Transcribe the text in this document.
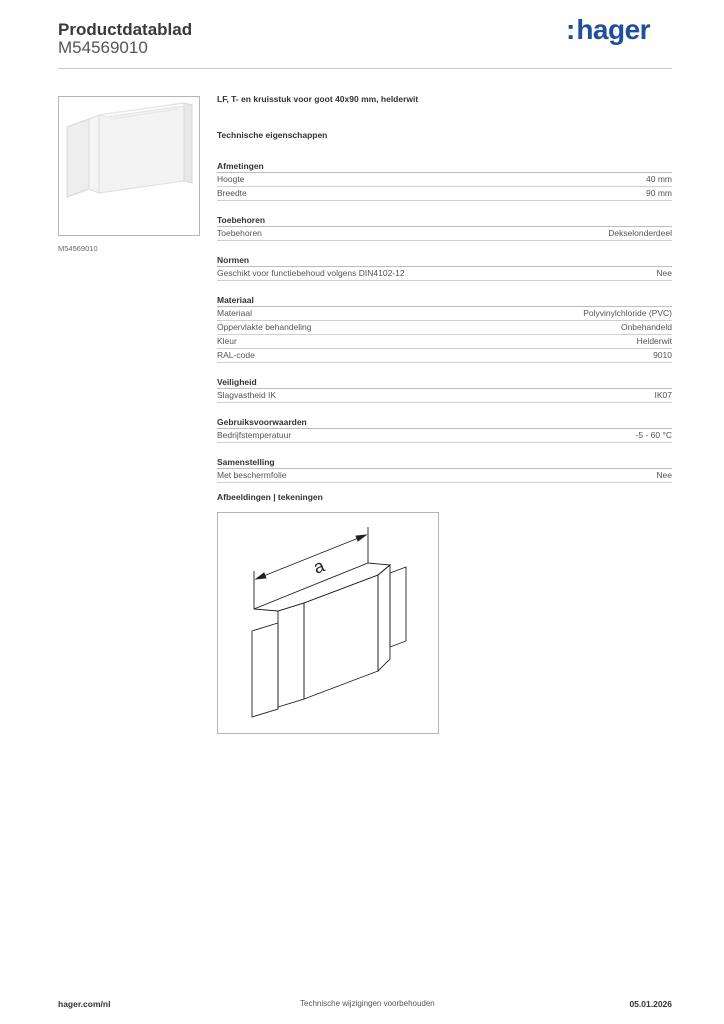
Productdatablad
M54569010
:hager
M54569010
LF, T- en kruisstuk voor goot 40x90 mm, helderwit
Technische eigenschappen
Afmetingen
Hoogte	40 mm
Breedte	90 mm
Toebehoren
Toebehoren	Dekselonderdeel
Normen
Geschikt voor functiebehoud volgens DIN4102-12	Nee
Materiaal
Materiaal	Polyvinylchloride (PVC)
Oppervlakte behandeling	Onbehandeld
Kleur	Helderwit
RAL-code	9010
Veiligheid
Slagvastheid IK	IK07
Gebruiksvoorwaarden
Bedrijfstemperatuur	-5 - 60 °C
Samenstelling
Met beschermfolie	Nee
Afbeeldingen | tekeningen
a
hager.com/nl	Technische wijzigingen voorbehouden	05.01.2026
